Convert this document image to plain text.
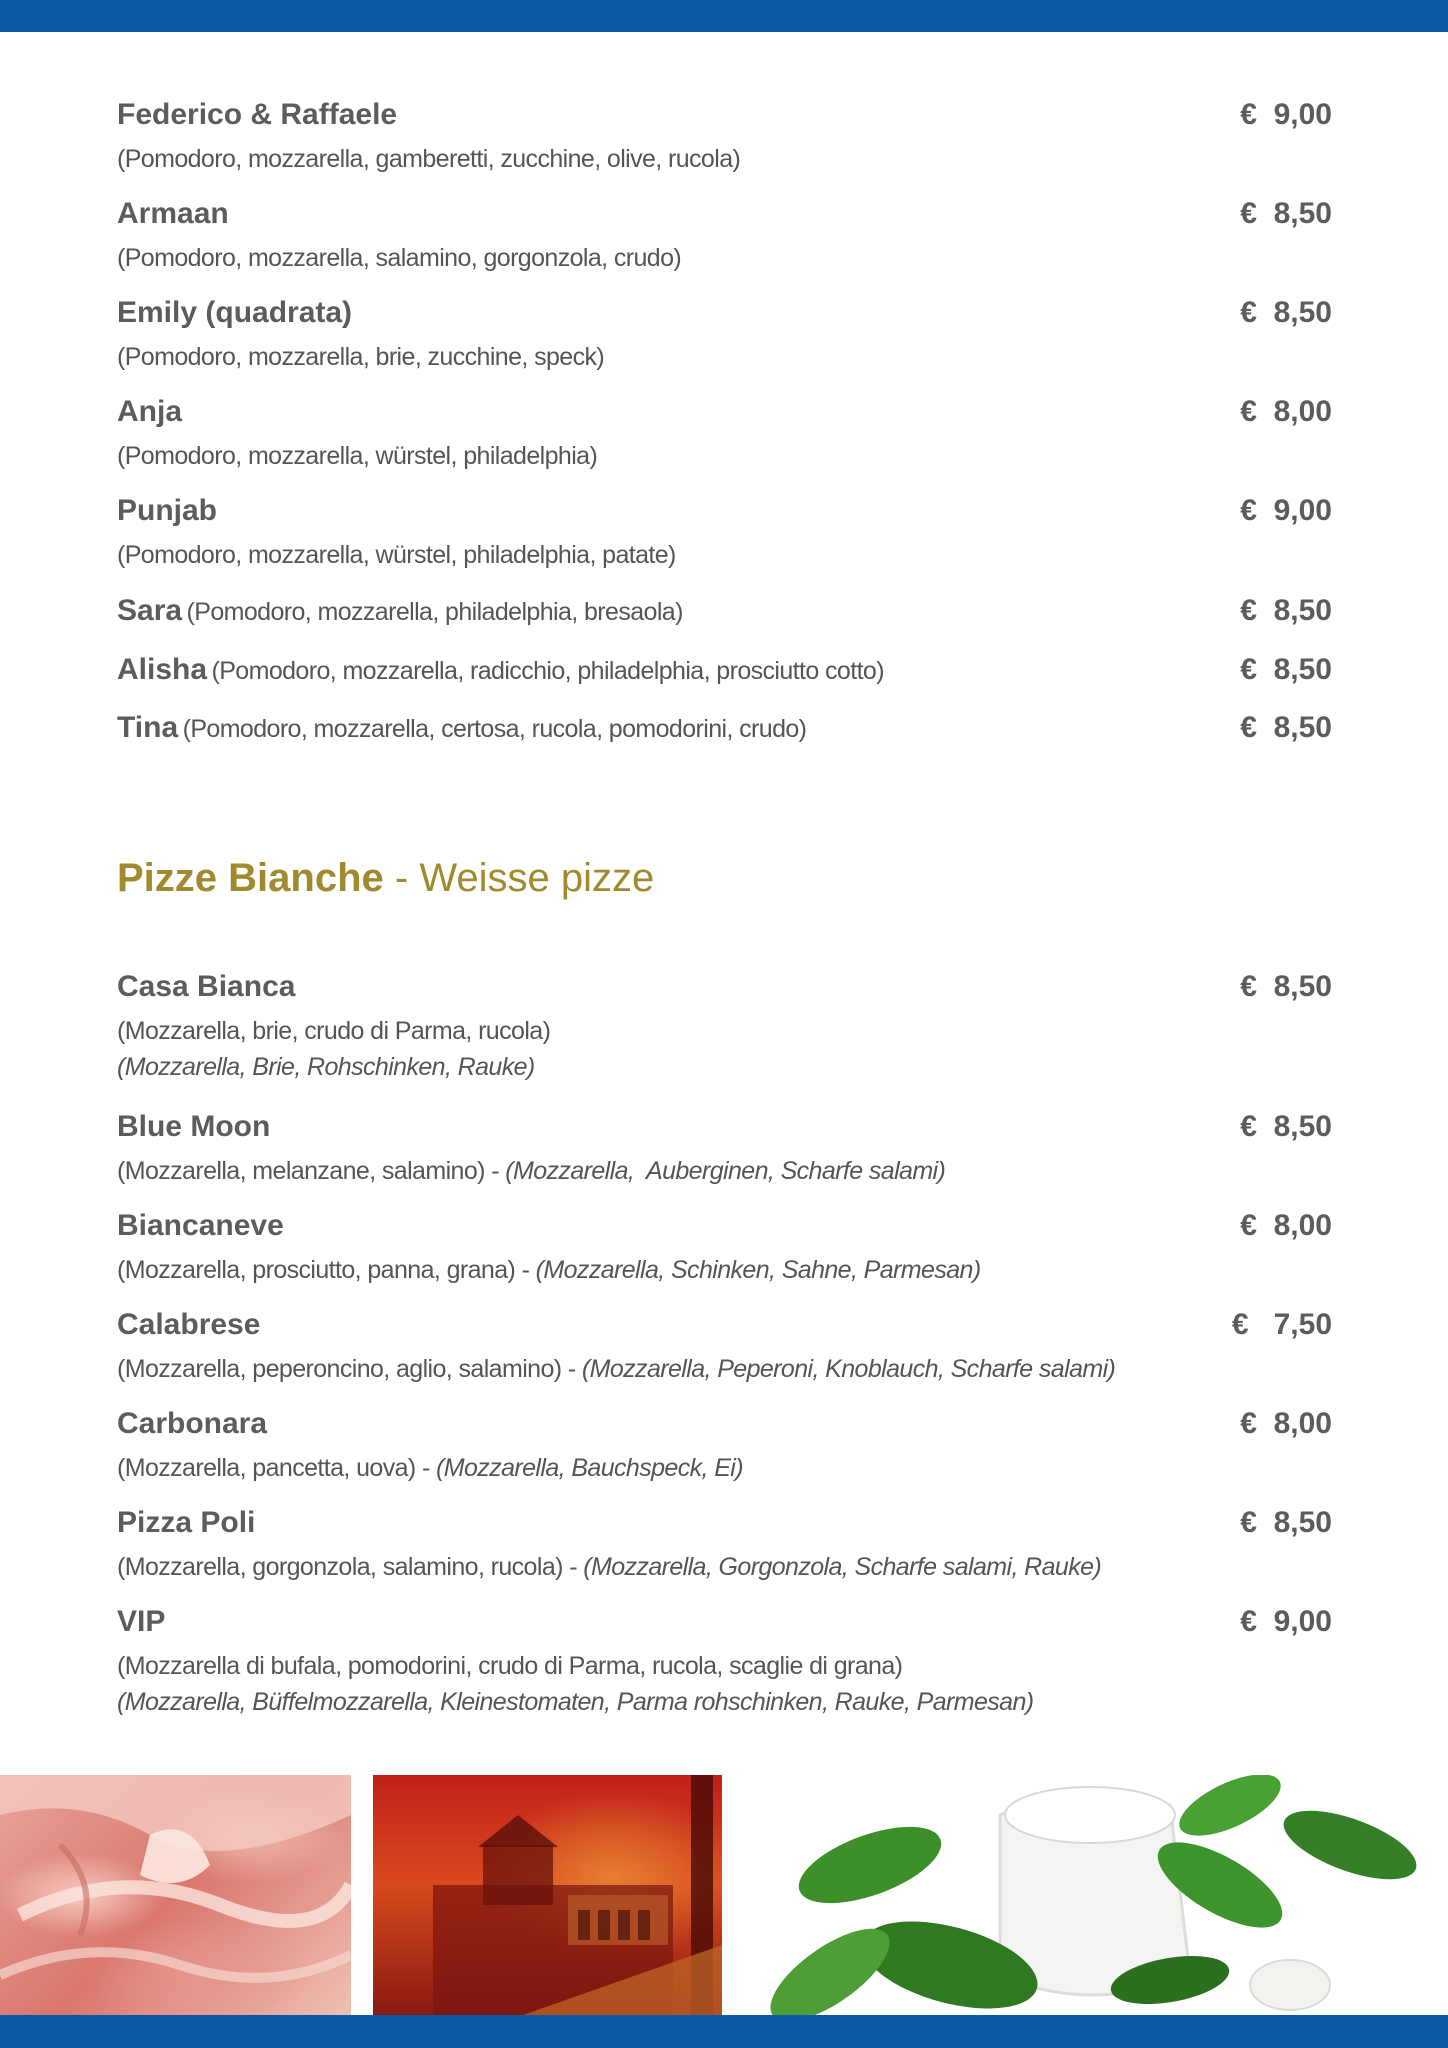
Federico & Raffaele	€  9,00
(Pomodoro, mozzarella, gamberetti, zucchine, olive, rucola)
Armaan	€  8,50
(Pomodoro, mozzarella, salamino, gorgonzola, crudo)
Emily (quadrata)	€  8,50
(Pomodoro, mozzarella, brie, zucchine, speck)
Anja	€  8,00
(Pomodoro, mozzarella, würstel, philadelphia)
Punjab	€  9,00
(Pomodoro, mozzarella, würstel, philadelphia, patate)
Sara (Pomodoro, mozzarella, philadelphia, bresaola)	€  8,50
Alisha (Pomodoro, mozzarella, radicchio, philadelphia, prosciutto cotto)	€  8,50
Tina (Pomodoro, mozzarella, certosa, rucola, pomodorini, crudo)	€  8,50
Pizze Bianche - Weisse pizze
Casa Bianca	€  8,50
(Mozzarella, brie, crudo di Parma, rucola)
(Mozzarella, Brie, Rohschinken, Rauke)
Blue Moon	€  8,50
(Mozzarella, melanzane, salamino) - (Mozzarella,  Auberginen, Scharfe salami)
Biancaneve	€  8,00
(Mozzarella, prosciutto, panna, grana) - (Mozzarella, Schinken, Sahne, Parmesan)
Calabrese	€   7,50
(Mozzarella, peperoncino, aglio, salamino) - (Mozzarella, Peperoni, Knoblauch, Scharfe salami)
Carbonara	€  8,00
(Mozzarella, pancetta, uova) - (Mozzarella, Bauchspeck, Ei)
Pizza Poli	€  8,50
(Mozzarella, gorgonzola, salamino, rucola) - (Mozzarella, Gorgonzola, Scharfe salami, Rauke)
VIP	€  9,00
(Mozzarella di bufala, pomodorini, crudo di Parma, rucola, scaglie di grana)
(Mozzarella, Büffelmozzarella, Kleinestomaten, Parma rohschinken, Rauke, Parmesan)
